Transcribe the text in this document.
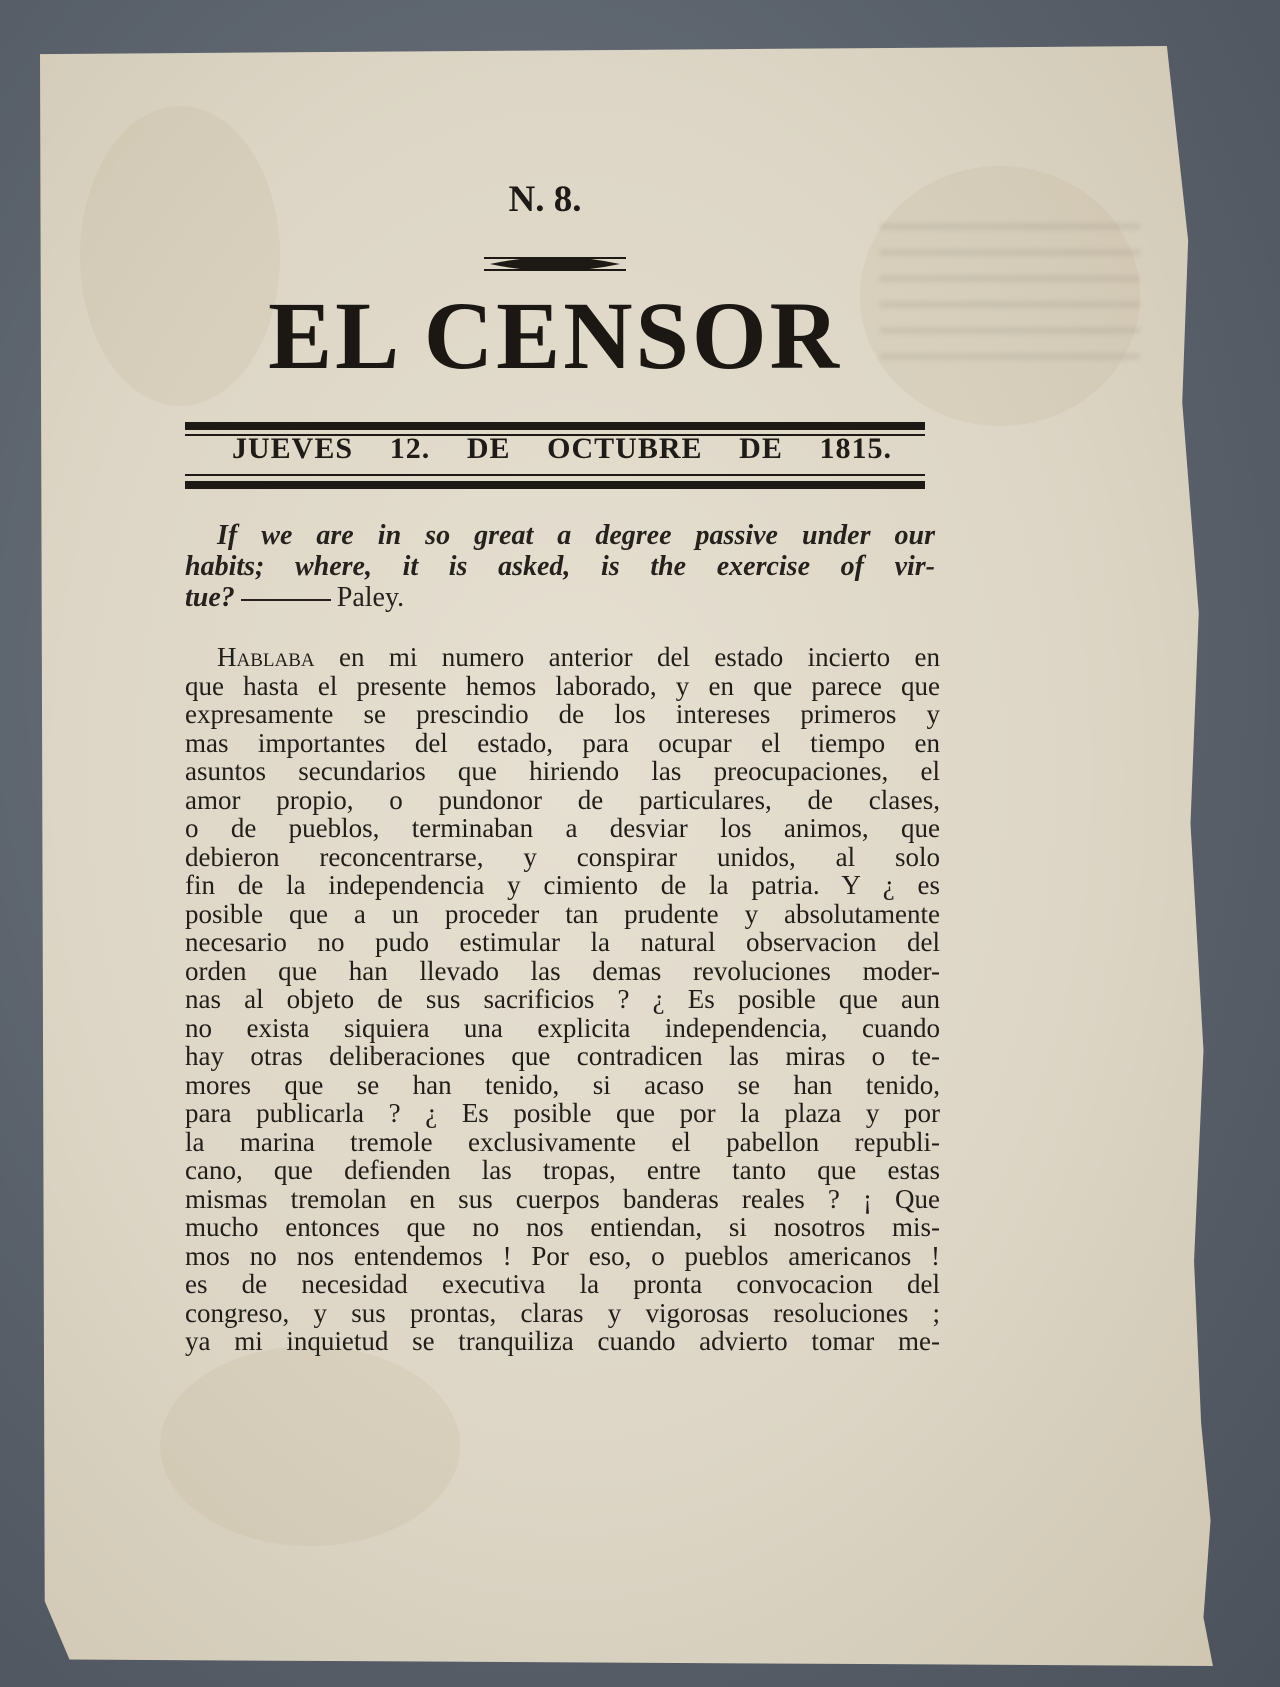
N. 8.
EL CENSOR
JUEVES 12. DE OCTUBRE DE 1815.
If we are in so great a degree passive under our
habits; where, it is asked, is the exercise of vir-
tue?	Paley.
Hablaba en mi numero anterior del estado incierto en
que hasta el presente hemos laborado, y en que parece que
expresamente se prescindio de los intereses primeros y
mas importantes del estado, para ocupar el tiempo en
asuntos secundarios que hiriendo las preocupaciones, el
amor propio, o pundonor de particulares, de clases,
o de pueblos, terminaban a desviar los animos, que
debieron reconcentrarse, y conspirar unidos, al solo
fin de la independencia y cimiento de la patria. Y ¿ es
posible que a un proceder tan prudente y absolutamente
necesario no pudo estimular la natural observacion del
orden que han llevado las demas revoluciones moder-
nas al objeto de sus sacrificios ? ¿ Es posible que aun
no exista siquiera una explicita independencia, cuando
hay otras deliberaciones que contradicen las miras o te-
mores que se han tenido, si acaso se han tenido,
para publicarla ? ¿ Es posible que por la plaza y por
la marina tremole exclusivamente el pabellon republi-
cano, que defienden las tropas, entre tanto que estas
mismas tremolan en sus cuerpos banderas reales ? ¡ Que
mucho entonces que no nos entiendan, si nosotros mis-
mos no nos entendemos ! Por eso, o pueblos americanos !
es de necesidad executiva la pronta convocacion del
congreso, y sus prontas, claras y vigorosas resoluciones ;
ya mi inquietud se tranquiliza cuando advierto tomar me-
